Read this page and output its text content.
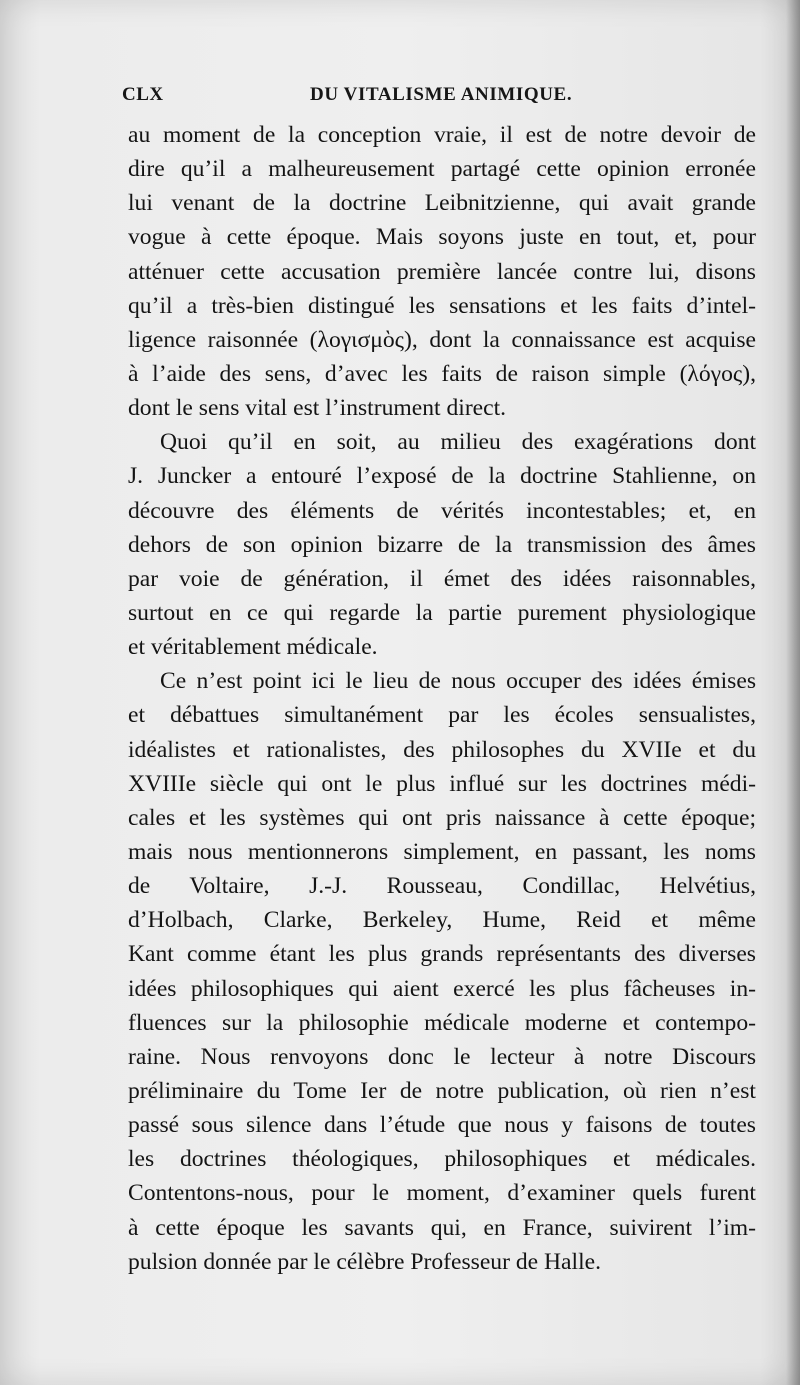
CLX	DU VITALISME ANIMIQUE.
au moment de la conception vraie, il est de notre devoir de
dire qu’il a malheureusement partagé cette opinion erronée
lui venant de la doctrine Leibnitzienne, qui avait grande
vogue à cette époque. Mais soyons juste en tout, et, pour
atténuer cette accusation première lancée contre lui, disons
qu’il a très-bien distingué les sensations et les faits d’intel-
ligence raisonnée (λογισμὸς), dont la connaissance est acquise
à l’aide des sens, d’avec les faits de raison simple (λόγος),
dont le sens vital est l’instrument direct.
Quoi qu’il en soit, au milieu des exagérations dont
J. Juncker a entouré l’exposé de la doctrine Stahlienne, on
découvre des éléments de vérités incontestables; et, en
dehors de son opinion bizarre de la transmission des âmes
par voie de génération, il émet des idées raisonnables,
surtout en ce qui regarde la partie purement physiologique
et véritablement médicale.
Ce n’est point ici le lieu de nous occuper des idées émises
et débattues simultanément par les écoles sensualistes,
idéalistes et rationalistes, des philosophes du XVIIe et du
XVIIIe siècle qui ont le plus influé sur les doctrines médi-
cales et les systèmes qui ont pris naissance à cette époque;
mais nous mentionnerons simplement, en passant, les noms
de Voltaire, J.-J. Rousseau, Condillac, Helvétius,
d’Holbach, Clarke, Berkeley, Hume, Reid et même
Kant comme étant les plus grands représentants des diverses
idées philosophiques qui aient exercé les plus fâcheuses in-
fluences sur la philosophie médicale moderne et contempo-
raine. Nous renvoyons donc le lecteur à notre Discours
préliminaire du Tome Ier de notre publication, où rien n’est
passé sous silence dans l’étude que nous y faisons de toutes
les doctrines théologiques, philosophiques et médicales.
Contentons-nous, pour le moment, d’examiner quels furent
à cette époque les savants qui, en France, suivirent l’im-
pulsion donnée par le célèbre Professeur de Halle.
